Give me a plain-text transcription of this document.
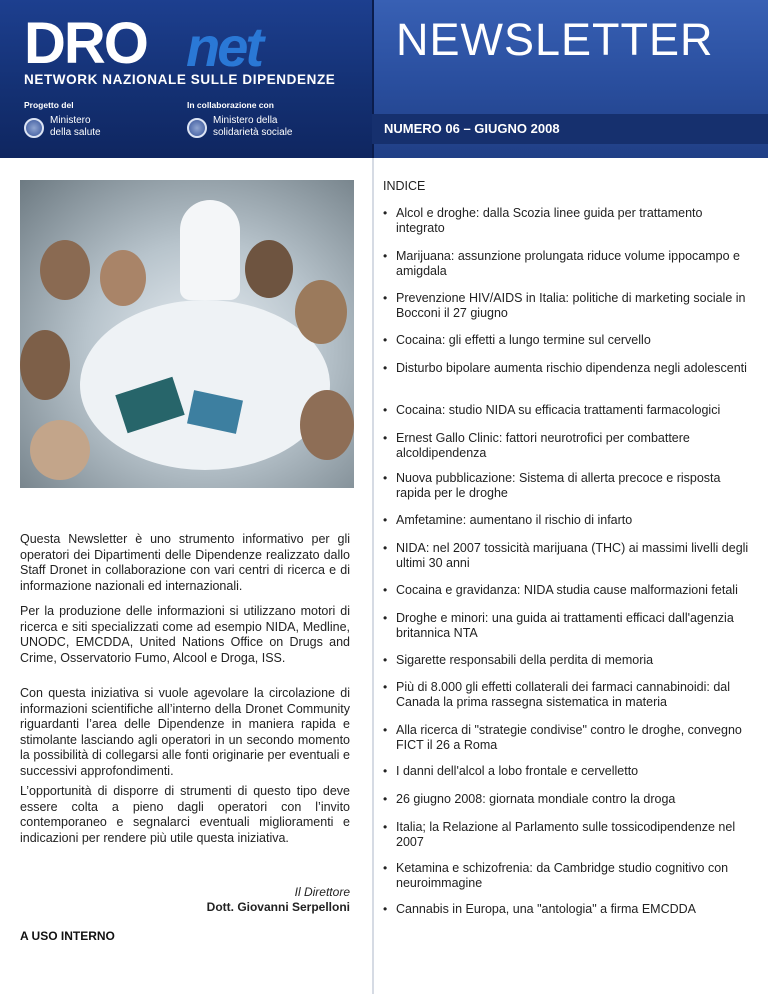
DRO net
NETWORK NAZIONALE SULLE DIPENDENZE
Progetto del	In collaborazione con
Ministero
della salute
Ministero della
solidarietà sociale
NEWSLETTER
NUMERO 06 – GIUGNO 2008

Questa Newsletter è uno strumento informativo per gli operatori dei Dipartimenti delle Dipendenze realizzato dallo Staff Dronet in collaborazione con vari centri di ricerca e di informazione nazionali ed internazionali.

Per la produzione delle informazioni si utilizzano motori di ricerca e siti specializzati come ad esempio NIDA, Medline, UNODC, EMCDDA, United Nations Office on Drugs and Crime, Osservatorio Fumo, Alcool e Droga, ISS.

Con questa iniziativa si vuole agevolare la circolazione di informazioni scientifiche all’interno della Dronet Community riguardanti l’area delle Dipendenze in maniera rapida e stimolante lasciando agli operatori in un secondo momento la possibilità di collegarsi alle fonti originarie per eventuali e successivi approfondimenti.

L’opportunità di disporre di strumenti di questo tipo deve essere colta a pieno dagli operatori con l’invito contemporaneo e segnalarci eventuali miglioramenti e indicazioni per rendere più utile questa iniziativa.

Il Direttore
Dott. Giovanni Serpelloni
A USO INTERNO
INDICE
• Alcol e droghe: dalla Scozia linee guida per trattamento integrato
• Marijuana: assunzione prolungata riduce volume ippocampo e amigdala
• Prevenzione HIV/AIDS in Italia: politiche di marketing sociale in Bocconi il 27 giugno
• Cocaina: gli effetti a lungo termine sul cervello
• Disturbo bipolare aumenta rischio dipendenza negli adolescenti
• Cocaina: studio NIDA su efficacia trattamenti farmacologici
• Ernest Gallo Clinic: fattori neurotrofici per combattere alcoldipendenza
• Nuova pubblicazione: Sistema di allerta precoce e risposta rapida per le droghe
• Amfetamine: aumentano il rischio di infarto
• NIDA: nel 2007 tossicità marijuana (THC) ai massimi livelli degli ultimi 30 anni
• Cocaina e gravidanza: NIDA studia cause malformazioni fetali
• Droghe e minori: una guida ai trattamenti efficaci dall'agenzia britannica NTA
• Sigarette responsabili della perdita di memoria
• Più di 8.000 gli effetti collaterali dei farmaci cannabinoidi: dal Canada la prima rassegna sistematica in materia
• Alla ricerca di "strategie condivise" contro le droghe, convegno FICT il 26 a Roma
• I danni dell'alcol a lobo frontale e cervelletto
• 26 giugno 2008: giornata mondiale contro la droga
• Italia; la Relazione al Parlamento sulle tossicodipendenze nel 2007
• Ketamina e schizofrenia: da Cambridge studio cognitivo con neuroimmagine
• Cannabis in Europa, una "antologia" a firma EMCDDA
